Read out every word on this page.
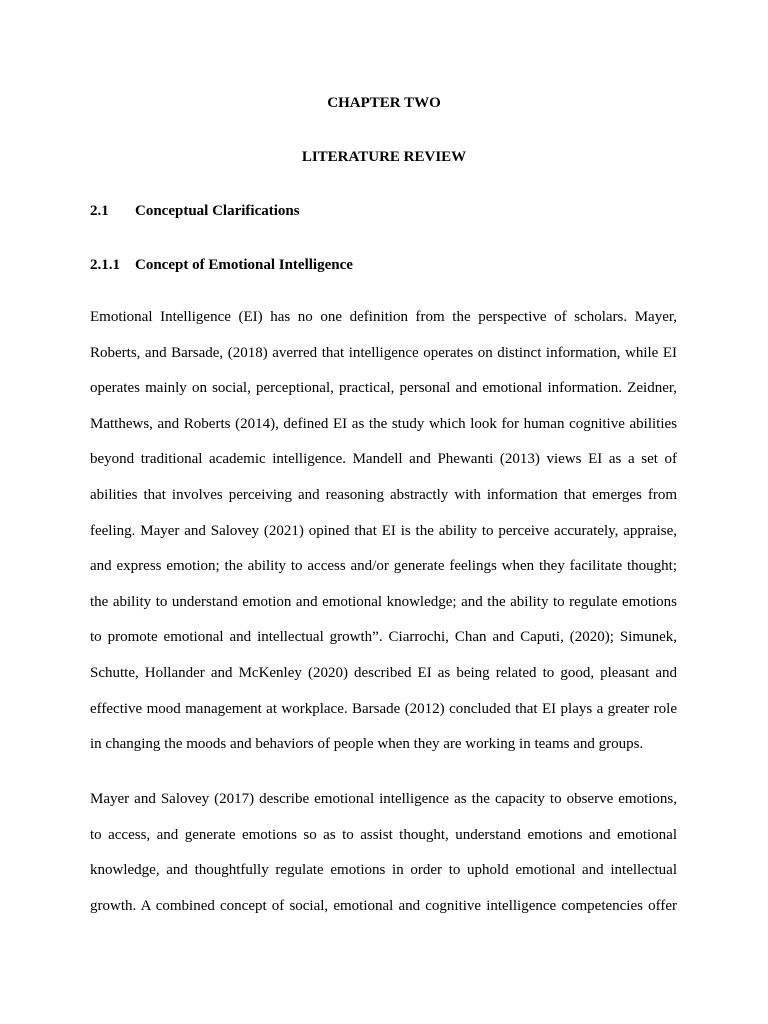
CHAPTER TWO
LITERATURE REVIEW
2.1 Conceptual Clarifications
2.1.1 Concept of Emotional Intelligence
Emotional Intelligence (EI) has no one definition from the perspective of scholars. Mayer,
Roberts, and Barsade, (2018) averred that intelligence operates on distinct information, while EI
operates mainly on social, perceptional, practical, personal and emotional information. Zeidner,
Matthews, and Roberts (2014), defined EI as the study which look for human cognitive abilities
beyond traditional academic intelligence. Mandell and Phewanti (2013) views EI as a set of
abilities that involves perceiving and reasoning abstractly with information that emerges from
feeling. Mayer and Salovey (2021) opined that EI is the ability to perceive accurately, appraise,
and express emotion; the ability to access and/or generate feelings when they facilitate thought;
the ability to understand emotion and emotional knowledge; and the ability to regulate emotions
to promote emotional and intellectual growth”. Ciarrochi, Chan and Caputi, (2020); Simunek,
Schutte, Hollander and McKenley (2020) described EI as being related to good, pleasant and
effective mood management at workplace. Barsade (2012) concluded that EI plays a greater role
in changing the moods and behaviors of people when they are working in teams and groups.
Mayer and Salovey (2017) describe emotional intelligence as the capacity to observe emotions,
to access, and generate emotions so as to assist thought, understand emotions and emotional
knowledge, and thoughtfully regulate emotions in order to uphold emotional and intellectual
growth. A combined concept of social, emotional and cognitive intelligence competencies offer
